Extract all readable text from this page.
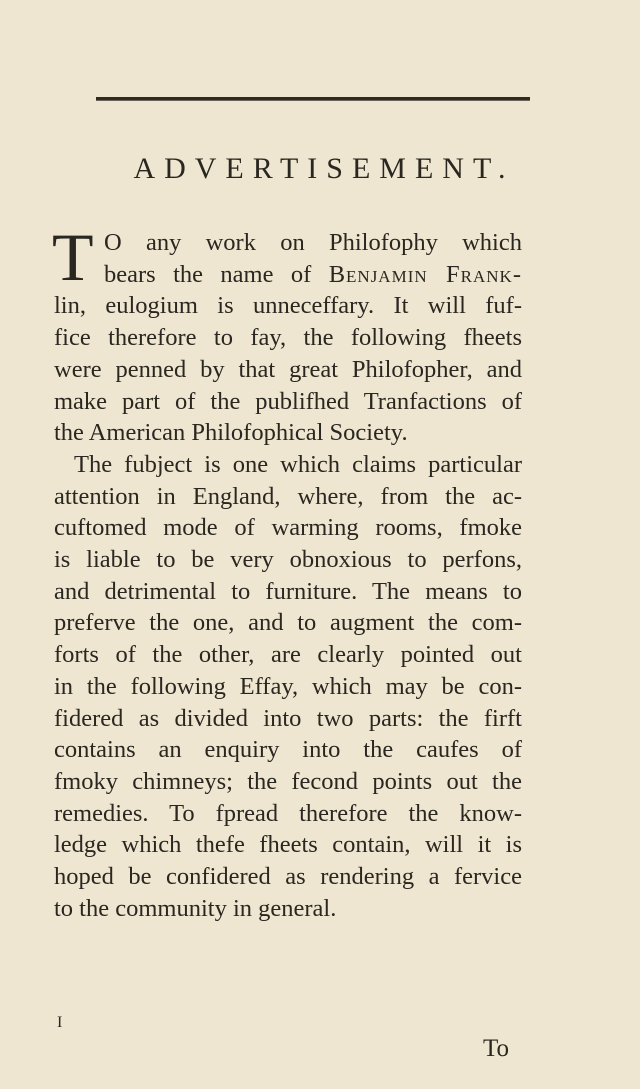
ADVERTISEMENT.
T O any work on Philofophy which
bears the name of Benjamin Frank-
lin, eulogium is unneceffary. It will fuf-
fice therefore to fay, the following fheets
were penned by that great Philofopher, and
make part of the publifhed Tranfactions of
the American Philofophical Society.
The fubject is one which claims particular
attention in England, where, from the ac-
cuftomed mode of warming rooms, fmoke
is liable to be very obnoxious to perfons,
and detrimental to furniture. The means to
preferve the one, and to augment the com-
forts of the other, are clearly pointed out
in the following Effay, which may be con-
fidered as divided into two parts: the firft
contains an enquiry into the caufes of
fmoky chimneys; the fecond points out the
remedies. To fpread therefore the know-
ledge which thefe fheets contain, will it is
hoped be confidered as rendering a fervice
to the community in general.
I
To
